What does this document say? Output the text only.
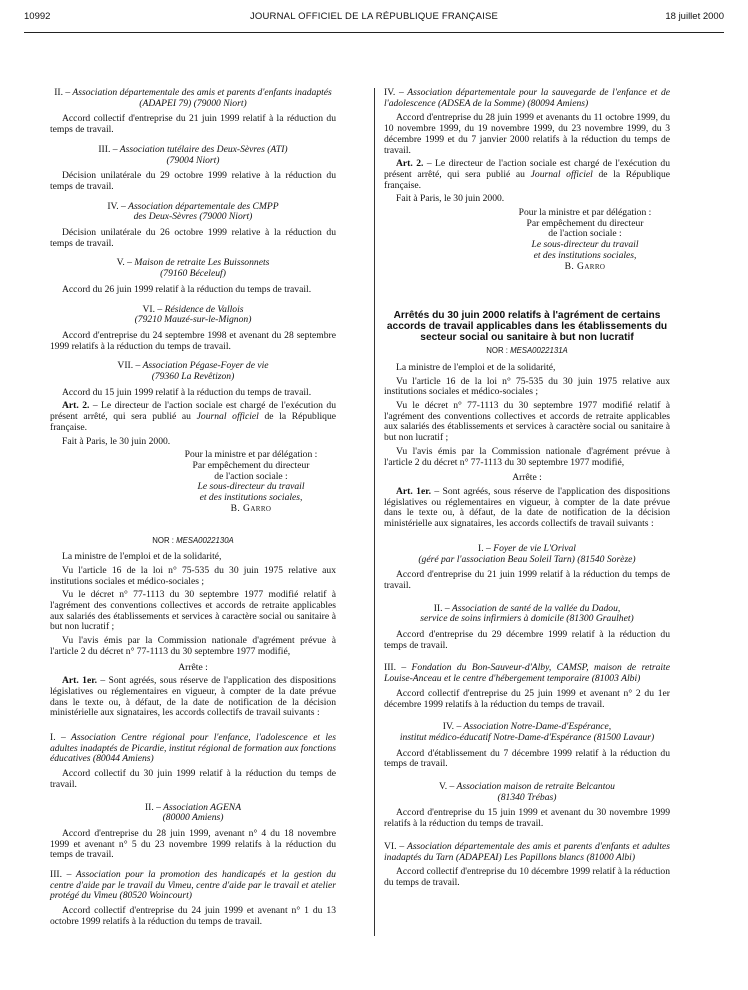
10992	JOURNAL OFFICIEL DE LA RÉPUBLIQUE FRANÇAISE	18 juillet 2000
II. – Association départementale des amis et parents d'enfants inadaptés (ADAPEI 79) (79000 Niort)

Accord collectif d'entreprise du 21 juin 1999 relatif à la réduction du temps de travail.

III. – Association tutélaire des Deux-Sèvres (ATI)
(79004 Niort)

Décision unilatérale du 29 octobre 1999 relative à la réduction du temps de travail.

IV. – Association départementale des CMPP
des Deux-Sèvres (79000 Niort)

Décision unilatérale du 26 octobre 1999 relative à la réduction du temps de travail.

V. – Maison de retraite Les Buissonnets
(79160 Béceleuf)

Accord du 26 juin 1999 relatif à la réduction du temps de travail.

VI. – Résidence de Vallois
(79210 Mauzé-sur-le-Mignon)

Accord d'entreprise du 24 septembre 1998 et avenant du 28 septembre 1999 relatifs à la réduction du temps de travail.

VII. – Association Pégase-Foyer de vie
(79360 La Revêtizon)

Accord du 15 juin 1999 relatif à la réduction du temps de travail.

Art. 2. – Le directeur de l'action sociale est chargé de l'exécution du présent arrêté, qui sera publié au Journal officiel de la République française.

Fait à Paris, le 30 juin 2000.

Pour la ministre et par délégation :
Par empêchement du directeur
de l'action sociale :
Le sous-directeur du travail
et des institutions sociales,
B. Garro
NOR : MESA0022130A

La ministre de l'emploi et de la solidarité,

Vu l'article 16 de la loi n° 75-535 du 30 juin 1975 relative aux institutions sociales et médico-sociales ;

Vu le décret n° 77-1113 du 30 septembre 1977 modifié relatif à l'agrément des conventions collectives et accords de retraite applicables aux salariés des établissements et services à caractère social ou sanitaire à but non lucratif ;

Vu l'avis émis par la Commission nationale d'agrément prévue à l'article 2 du décret n° 77-1113 du 30 septembre 1977 modifié,

Arrête :

Art. 1er. – Sont agréés, sous réserve de l'application des dispositions législatives ou réglementaires en vigueur, à compter de la date prévue dans le texte ou, à défaut, de la date de notification de la décision ministérielle aux signataires, les accords collectifs de travail suivants :

I. – Association Centre régional pour l'enfance, l'adolescence et les adultes inadaptés de Picardie, institut régional de formation aux fonctions éducatives (80044 Amiens)

Accord collectif du 30 juin 1999 relatif à la réduction du temps de travail.

II. – Association AGENA
(80000 Amiens)

Accord d'entreprise du 28 juin 1999, avenant n° 4 du 18 novembre 1999 et avenant n° 5 du 23 novembre 1999 relatifs à la réduction du temps de travail.

III. – Association pour la promotion des handicapés et la gestion du centre d'aide par le travail du Vimeu, centre d'aide par le travail et atelier protégé du Vimeu (80520 Woincourt)

Accord collectif d'entreprise du 24 juin 1999 et avenant n° 1 du 13 octobre 1999 relatifs à la réduction du temps de travail.

IV. – Association départementale pour la sauvegarde de l'enfance et de l'adolescence (ADSEA de la Somme) (80094 Amiens)

Accord d'entreprise du 28 juin 1999 et avenants du 11 octobre 1999, du 10 novembre 1999, du 19 novembre 1999, du 23 novembre 1999, du 3 décembre 1999 et du 7 janvier 2000 relatifs à la réduction du temps de travail.

Art. 2. – Le directeur de l'action sociale est chargé de l'exécution du présent arrêté, qui sera publié au Journal officiel de la République française.

Fait à Paris, le 30 juin 2000.

Pour la ministre et par délégation :
Par empêchement du directeur
de l'action sociale :
Le sous-directeur du travail
et des institutions sociales,
B. Garro
Arrêtés du 30 juin 2000 relatifs à l'agrément de certains accords de travail applicables dans les établissements du secteur social ou sanitaire à but non lucratif
NOR : MESA0022131A

La ministre de l'emploi et de la solidarité,

Vu l'article 16 de la loi n° 75-535 du 30 juin 1975 relative aux institutions sociales et médico-sociales ;

Vu le décret n° 77-1113 du 30 septembre 1977 modifié relatif à l'agrément des conventions collectives et accords de retraite applicables aux salariés des établissements et services à caractère social ou sanitaire à but non lucratif ;

Vu l'avis émis par la Commission nationale d'agrément prévue à l'article 2 du décret n° 77-1113 du 30 septembre 1977 modifié,

Arrête :

Art. 1er. – Sont agréés, sous réserve de l'application des dispositions législatives ou réglementaires en vigueur, à compter de la date prévue dans le texte ou, à défaut, de la date de notification de la décision ministérielle aux signataires, les accords collectifs de travail suivants :

I. – Foyer de vie L'Orival
(géré par l'association Beau Soleil Tarn) (81540 Sorèze)

Accord d'entreprise du 21 juin 1999 relatif à la réduction du temps de travail.

II. – Association de santé de la vallée du Dadou,
service de soins infirmiers à domicile (81300 Graulhet)

Accord d'entreprise du 29 décembre 1999 relatif à la réduction du temps de travail.

III. – Fondation du Bon-Sauveur-d'Alby, CAMSP, maison de retraite Louise-Anceau et le centre d'hébergement temporaire (81003 Albi)

Accord collectif d'entreprise du 25 juin 1999 et avenant n° 2 du 1er décembre 1999 relatifs à la réduction du temps de travail.

IV. – Association Notre-Dame-d'Espérance,
institut médico-éducatif Notre-Dame-d'Espérance (81500 Lavaur)

Accord d'établissement du 7 décembre 1999 relatif à la réduction du temps de travail.

V. – Association maison de retraite Belcantou
(81340 Trébas)

Accord d'entreprise du 15 juin 1999 et avenant du 30 novembre 1999 relatifs à la réduction du temps de travail.

VI. – Association départementale des amis et parents d'enfants et adultes inadaptés du Tarn (ADAPEAI) Les Papillons blancs (81000 Albi)

Accord collectif d'entreprise du 10 décembre 1999 relatif à la réduction du temps de travail.
